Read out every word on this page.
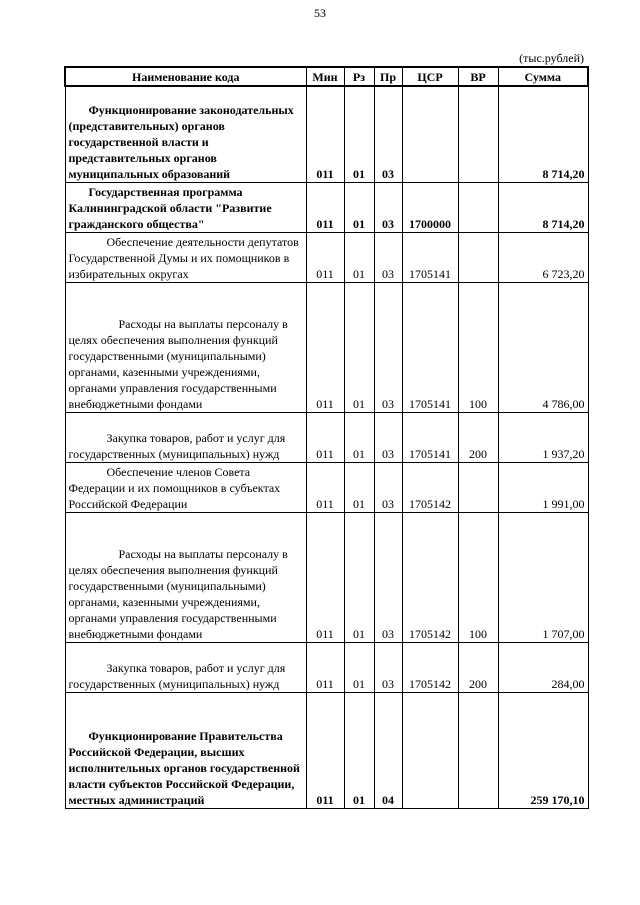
53
(тыс.рублей)
Наименование кода	Мин	Рз	Пр	ЦСР	ВР	Сумма
Функционирование законодательных (представительных) органов государственной власти и представительных органов муниципальных образований	011	01	03			8 714,20
Государственная программа Калининградской области "Развитие гражданского общества"	011	01	03	1700000		8 714,20
Обеспечение деятельности депутатов Государственной Думы и их помощников в избирательных округах	011	01	03	1705141		6 723,20
Расходы на выплаты персоналу в целях обеспечения выполнения функций государственными (муниципальными) органами, казенными учреждениями, органами управления государственными внебюджетными фондами	011	01	03	1705141	100	4 786,00
Закупка товаров, работ и услуг для государственных (муниципальных) нужд	011	01	03	1705141	200	1 937,20
Обеспечение членов Совета Федерации и их помощников в субъектах Российской Федерации	011	01	03	1705142		1 991,00
Расходы на выплаты персоналу в целях обеспечения выполнения функций государственными (муниципальными) органами, казенными учреждениями, органами управления государственными внебюджетными фондами	011	01	03	1705142	100	1 707,00
Закупка товаров, работ и услуг для государственных (муниципальных) нужд	011	01	03	1705142	200	284,00
Функционирование Правительства Российской Федерации, высших исполнительных органов государственной власти субъектов Российской Федерации, местных администраций	011	01	04			259 170,10
